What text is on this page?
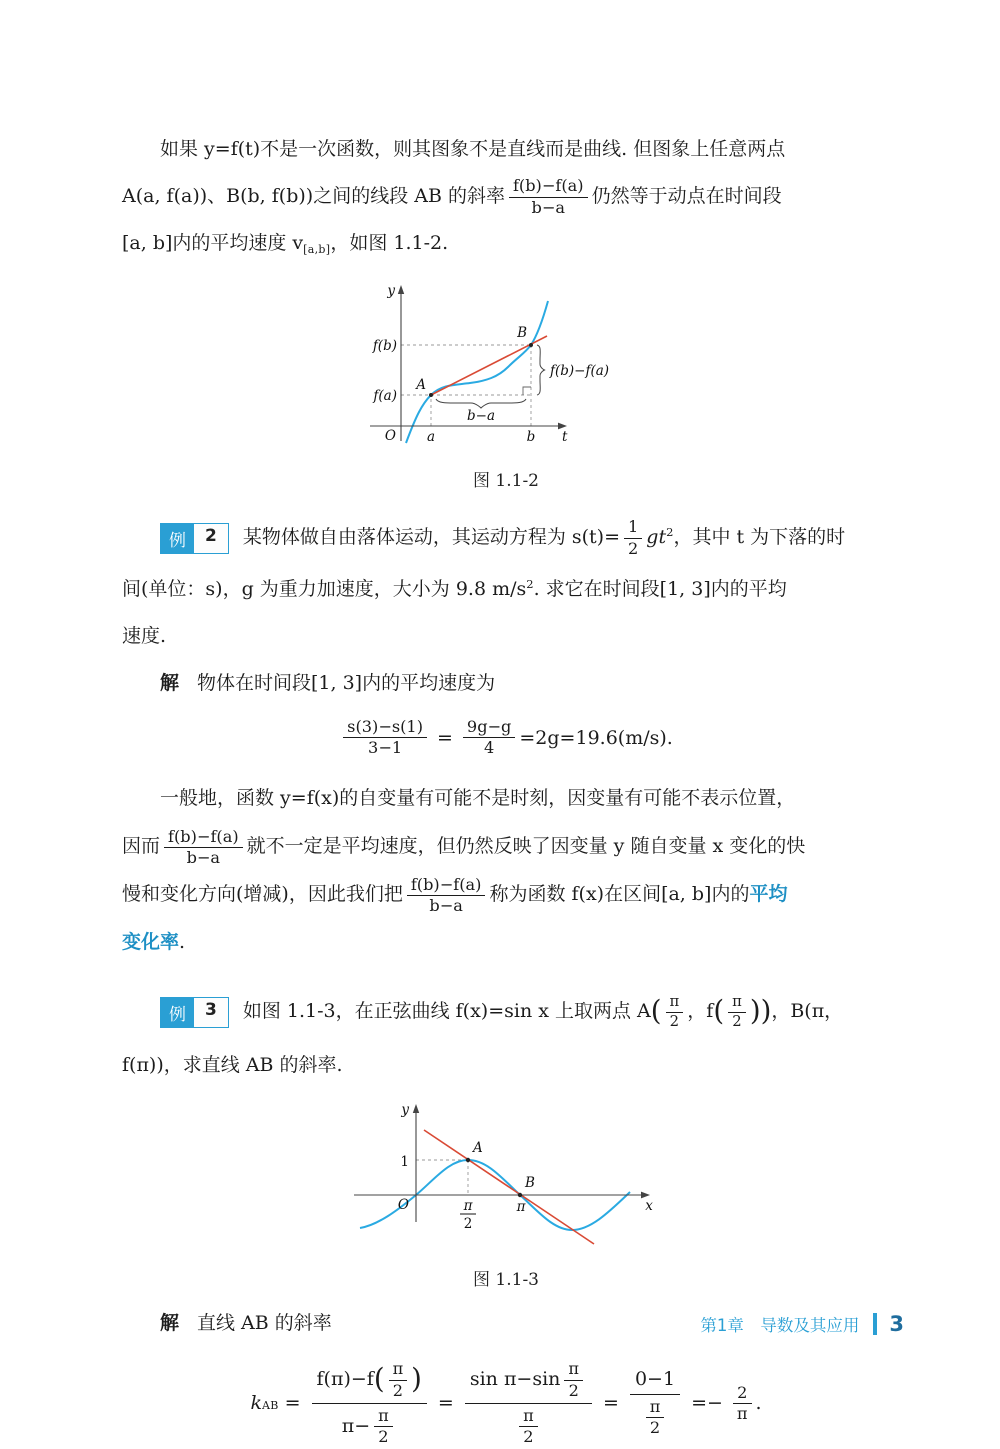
如果 y=f(t)不是一次函数，则其图象不是直线而是曲线. 但图象上任意两点
A(a, f(a))、B(b, f(b))之间的线段 AB 的斜率 $\frac{f(b)-f(a)}{b-a}$ 仍然等于动点在时间段
[a, b]内的平均速度 $v_{[a,b]}$，如图 1.1-2.
y
t
O a	b
f(a)
f(b)
A
B
f(b)−f(a)
b−a
图 1.1-2
例	2	某物体做自由落体运动，其运动方程为 $s(t)= \frac{1}{2} gt^2$，其中 t 为下落的时
间(单位：s)，g 为重力加速度，大小为 9.8 $m/s^2$. 求它在时间段[1, 3]内的平均
速度.
解 物体在时间段[1, 3]内的平均速度为
$\frac{s(3)-s(1)}{3-1} = \frac{9g-g}{4} =2g=19.6(m/s)$.
一般地，函数 y=f(x)的自变量有可能不是时刻，因变量有可能不表示位置，
因而 $\frac{f(b)-f(a)}{b-a}$ 就不一定是平均速度，但仍然反映了因变量 y 随自变量 x 变化的快
慢和变化方向(增减)，因此我们把 $\frac{f(b)-f(a)}{b-a}$ 称为函数 f(x)在区间[a, b]内的平均
变化率.
例	3	如图 1.1-3，在正弦曲线 f(x)=sin x 上取两点 $A( \frac{\pi}{2}$ ，$f( \frac{\pi}{2}$ ))，B(π，
f(π))，求直线 AB 的斜率.
y
x
O
A
B
1
π
2
π
图 1.1-3
解 直线 AB 的斜率
k AB = $\frac{f(\pi)-f ( \frac{\pi}{2} )}{\pi- \frac{\pi}{2}} = \frac{\sin \pi-\sin \frac{\pi}{2}}{\frac{\pi}{2}} = \frac{0-1}{\frac{\pi}{2}} =- \frac{2}{\pi}$ .
第1章　导数及其应用 3
